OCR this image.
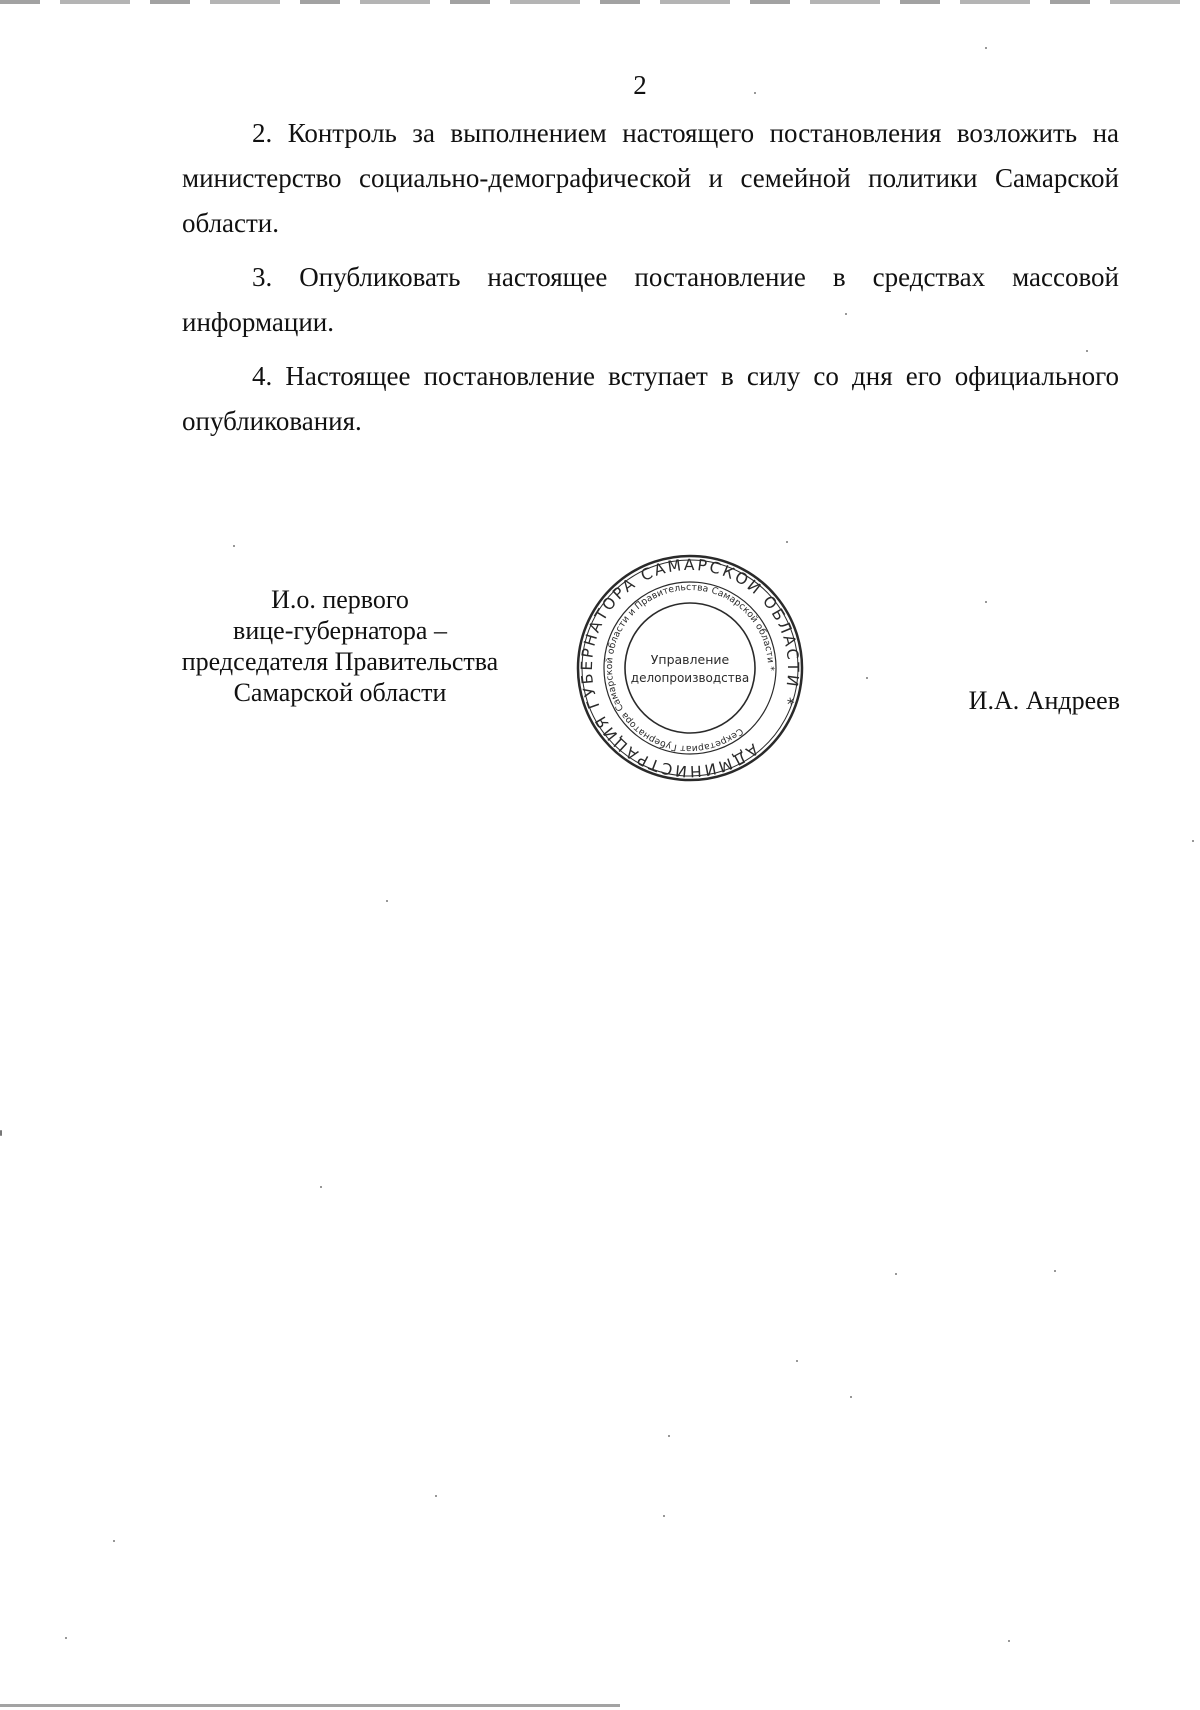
2

2. Контроль за выполнением настоящего постановления возложить на министерство социально-демографической и семейной политики Самарской области.

3. Опубликовать настоящее постановление в средствах массовой информации.

4. Настоящее постановление вступает в силу со дня его официального опубликования.

И.о. первого
вице-губернатора –
председателя Правительства
Самарской области
АДМИНИСТРАЦИЯ ГУБЕРНАТОРА САМАРСКОЙ ОБЛАСТИ *
Секретариат Губернатора Самарской области и Правительства Самарской области *
Управление
делопроизводства
И.А. Андреев
